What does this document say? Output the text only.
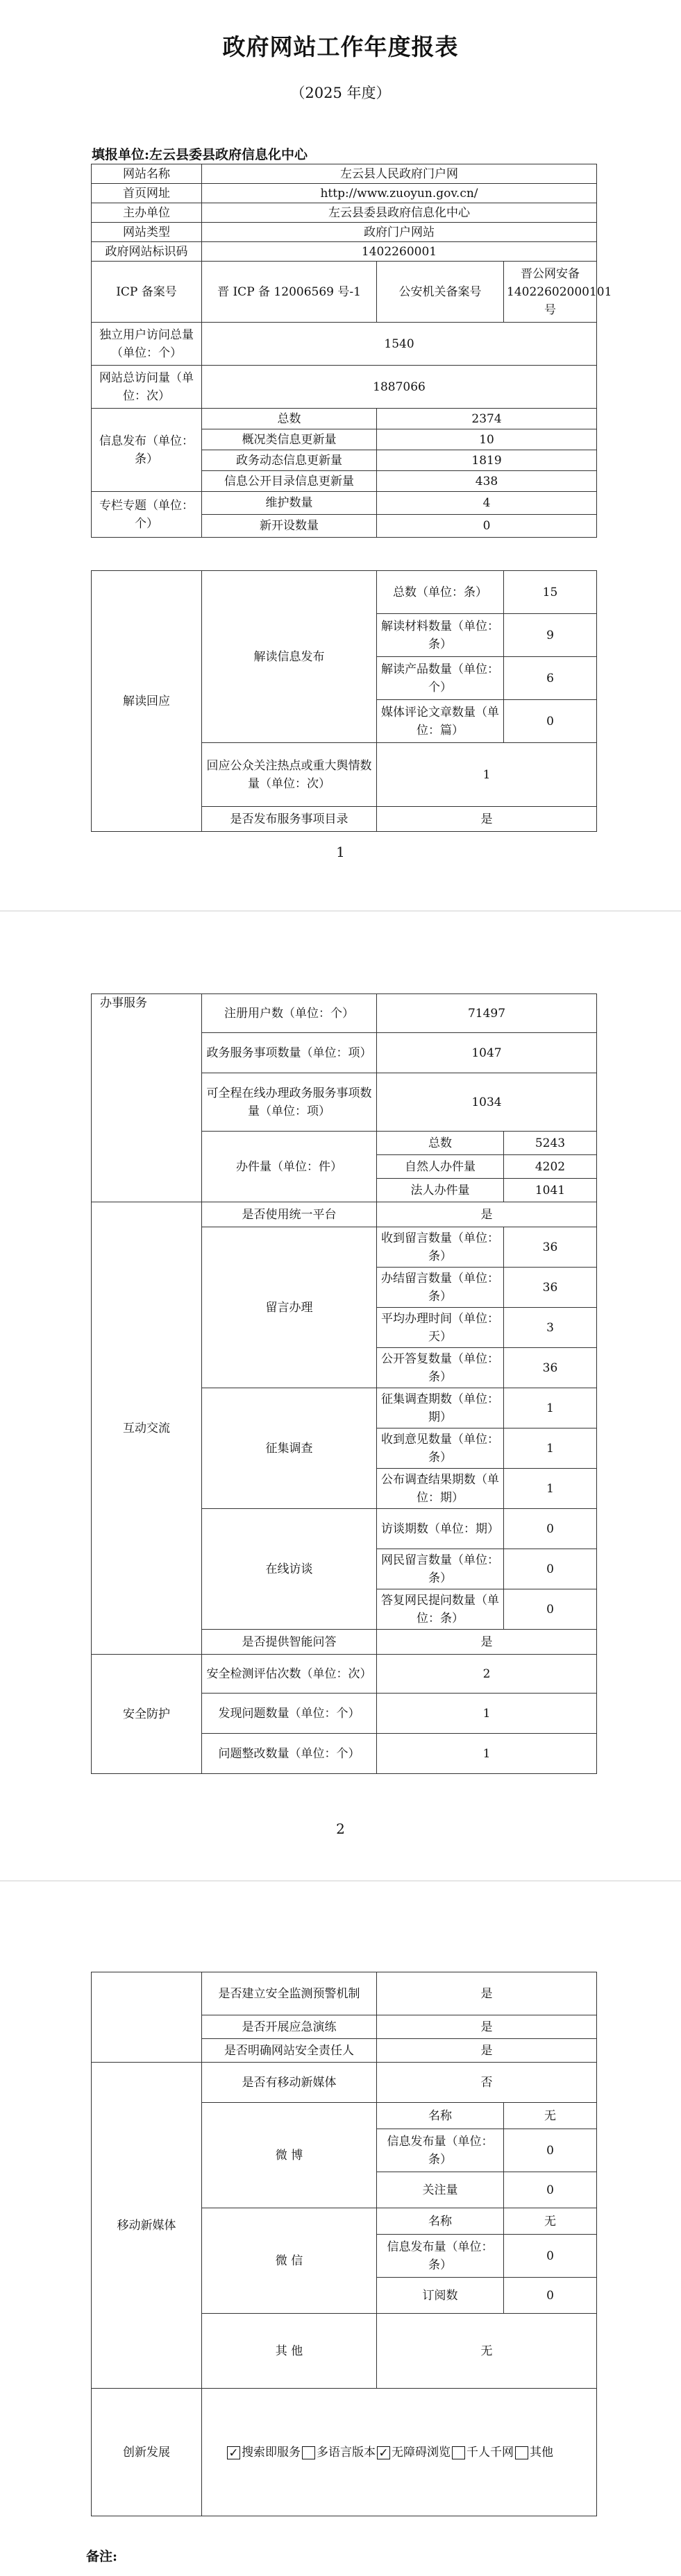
政府网站工作年度报表
（2025 年度）
填报单位:左云县委县政府信息化中心
网站名称	左云县人民政府门户网		
首页网址	http://www.zuoyun.gov.cn/		
主办单位	左云县委县政府信息化中心		
网站类型	政府门户网站		
政府网站标识码	1402260001		
ICP 备案号	晋 ICP 备 12006569 号-1	公安机关备案号	晋公网安备 14022602000101 号
独立用户访问总量（单位：个）	1540		
网站总访问量（单位：次）	1887066		
信息发布（单位：条）	总数	2374	
	概况类信息更新量	10	
	政务动态信息更新量	1819	
	信息公开目录信息更新量	438	
专栏专题（单位：个）	维护数量	4	
	新开设数量	0	
解读回应	解读信息发布	总数（单位：条）	15
		解读材料数量（单位：条）	9
		解读产品数量（单位：个）	6
		媒体评论文章数量（单位：篇）	0
	回应公众关注热点或重大舆情数量（单位：次）	1	
	是否发布服务事项目录	是	
1
办事服务	注册用户数（单位：个）	71497	
	政务服务事项数量（单位：项）	1047	
	可全程在线办理政务服务事项数量（单位：项）	1034	
	办件量（单位：件）	总数	5243
		自然人办件量	4202
		法人办件量	1041
互动交流	是否使用统一平台	是	
	留言办理	收到留言数量（单位：条）	36
		办结留言数量（单位：条）	36
		平均办理时间（单位：天）	3
		公开答复数量（单位：条）	36
	征集调查	征集调查期数（单位：期）	1
		收到意见数量（单位：条）	1
		公布调查结果期数（单位：期）	1
	在线访谈	访谈期数（单位：期）	0
		网民留言数量（单位：条）	0
		答复网民提问数量（单位：条）	0
	是否提供智能问答	是	
安全防护	安全检测评估次数（单位：次）	2	
	发现问题数量（单位：个）	1	
	问题整改数量（单位：个）	1	
2
	是否建立安全监测预警机制	是	
	是否开展应急演练	是	
	是否明确网站安全责任人	是	
移动新媒体	是否有移动新媒体	否	
	微 博	名称	无
		信息发布量（单位：条）	0
		关注量	0
	微 信	名称	无
		信息发布量（单位：条）	0
		订阅数	0
	其 他	无	
创新发展	✓ 搜索即服务 多语言版本 ✓ 无障碍浏览 千人千网 其他		
备注:
